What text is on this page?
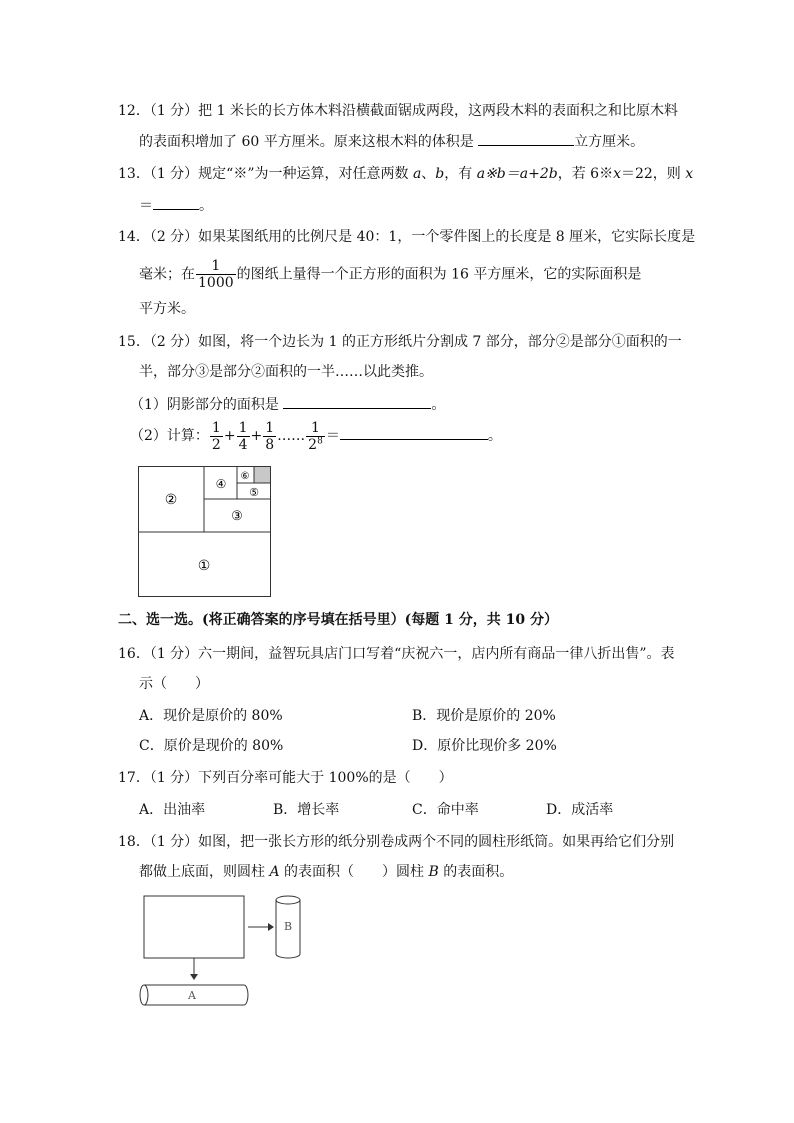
12．（1 分）把 1 米长的长方体木料沿横截面锯成两段，这两段木料的表面积之和比原木料
的表面积增加了 60 平方厘米。原来这根木料的体积是	立方厘米。
13．（1 分）规定“※”为一种运算，对任意两数 a、b，有 a※b＝a+2b，若 6※x＝22，则 x
＝	。
14．（2 分）如果某图纸用的比例尺是 40：1，一个零件图上的长度是 8 厘米，它实际长度是
毫米；在 $\frac{1}{1000}$ 的图纸上量得一个正方形的面积为 16 平方厘米，它的实际面积是
平方米。
15．（2 分）如图，将一个边长为 1 的正方形纸片分割成 7 部分，部分②是部分①面积的一
半，部分③是部分②面积的一半……以此类推。
（1）阴影部分的面积是	。
（2）计算： $\frac{1}{2} + \frac{1}{4} + \frac{1}{8}$ …… $\frac{1}{2^8}$ ＝	。
①
②
③
④
⑤
⑥
二、选一选。(将正确答案的序号填在括号里）(每题 1 分，共 10 分）
16．（1 分）六一期间，益智玩具店门口写着“庆祝六一，店内所有商品一律八折出售”。表
示（　　）
A．现价是原价的 80%	B．现价是原价的 20%
C．原价是现价的 80%	D．原价比现价多 20%
17．（1 分）下列百分率可能大于 100%的是（　　）
A．出油率	B．增长率	C．命中率	D．成活率
18．（1 分）如图，把一张长方形的纸分别卷成两个不同的圆柱形纸筒。如果再给它们分别
都做上底面，则圆柱 A 的表面积（　　）圆柱 B 的表面积。
B
A
